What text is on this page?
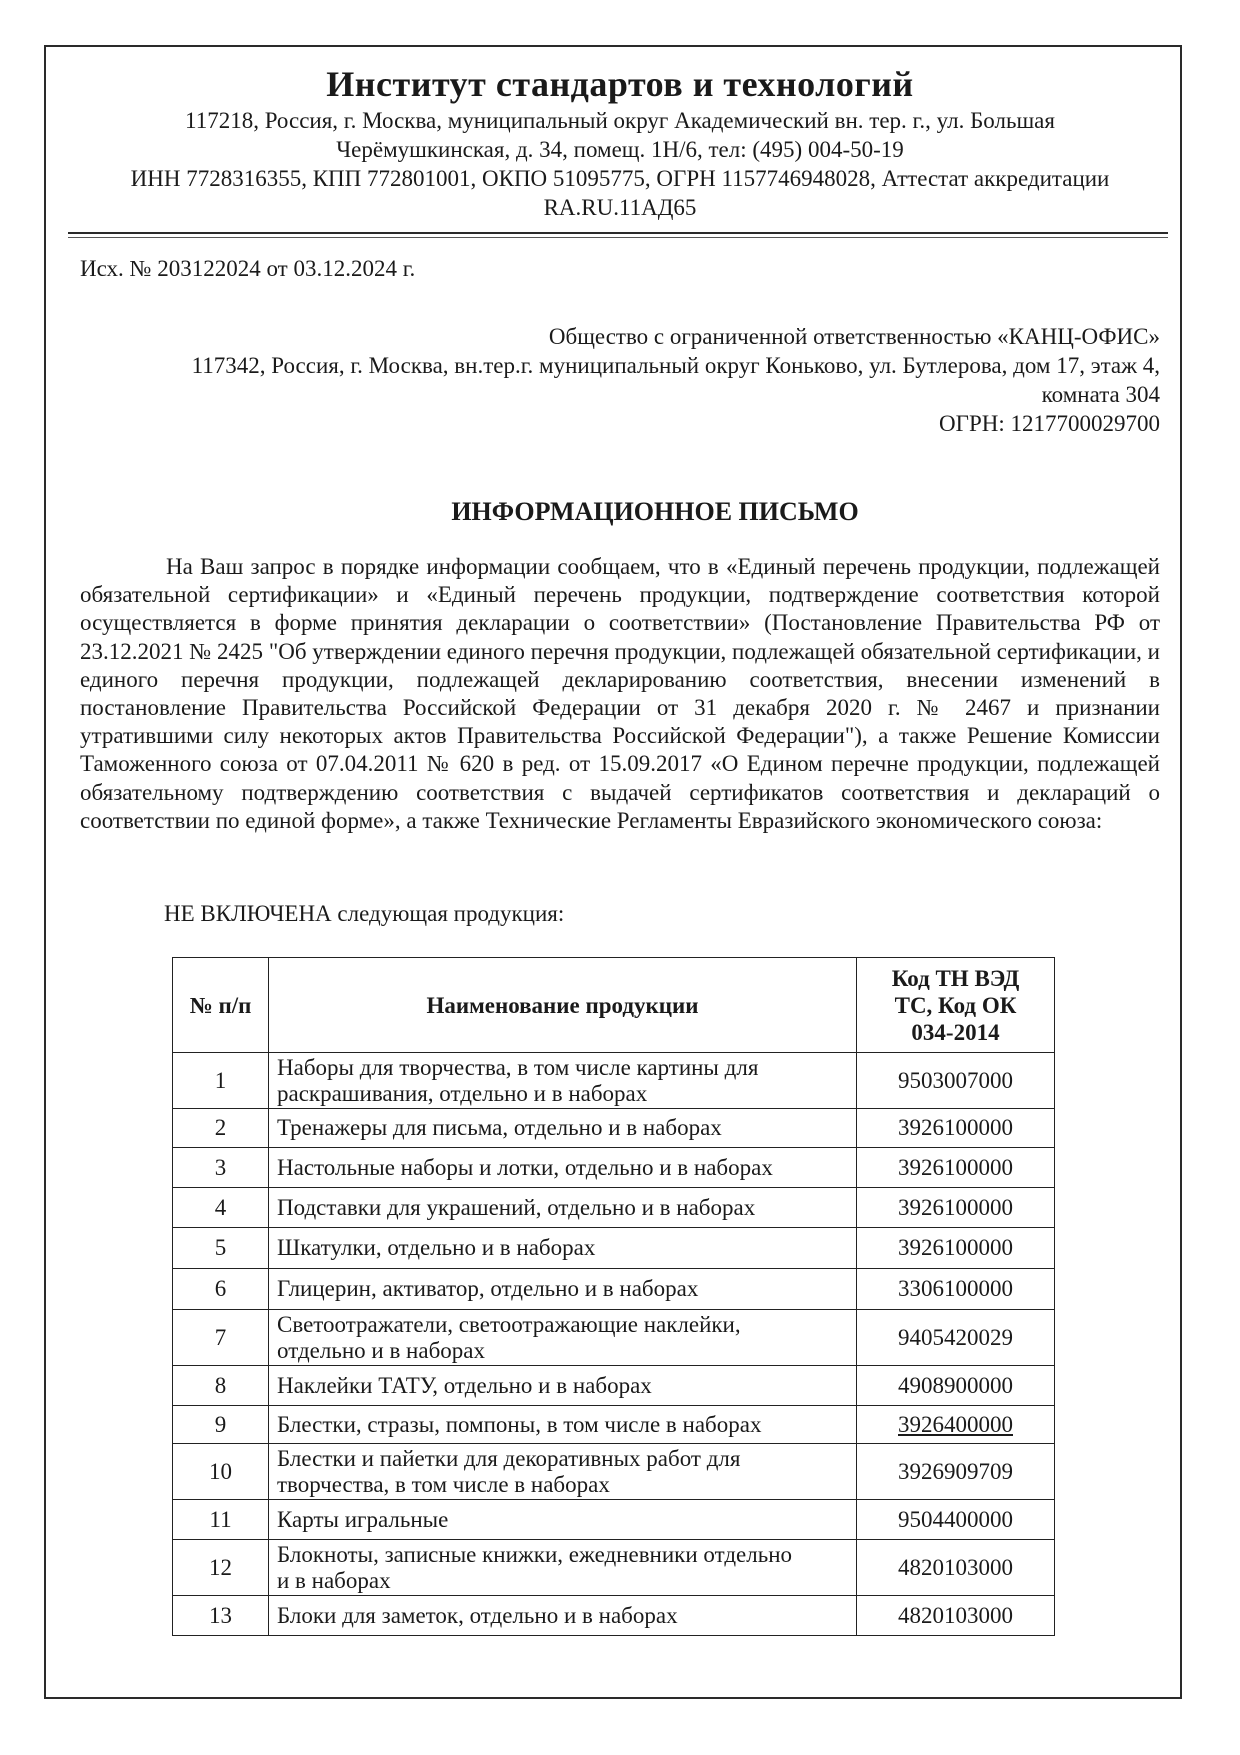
Институт стандартов и технологий
117218, Россия, г. Москва, муниципальный округ Академический вн. тер. г., ул. Большая
Черёмушкинская, д. 34, помещ. 1Н/6, тел: (495) 004-50-19
ИНН 7728316355, КПП 772801001, ОКПО 51095775, ОГРН 1157746948028, Аттестат аккредитации
RA.RU.11АД65
Исх. № 203122024 от 03.12.2024 г.
Общество с ограниченной ответственностью «КАНЦ-ОФИС»
117342, Россия, г. Москва, вн.тер.г. муниципальный округ Коньково, ул. Бутлерова, дом 17, этаж 4,
комната 304
ОГРН: 1217700029700
ИНФОРМАЦИОННОЕ ПИСЬМО
На Ваш запрос в порядке информации сообщаем, что в «Единый перечень продукции, подлежащей обязательной сертификации» и «Единый перечень продукции, подтверждение соответствия которой осуществляется в форме принятия декларации о соответствии» (Постановление Правительства РФ от 23.12.2021 № 2425 "Об утверждении единого перечня продукции, подлежащей обязательной сертификации, и единого перечня продукции, подлежащей декларированию соответствия, внесении изменений в постановление Правительства Российской Федерации от 31 декабря 2020 г. № 2467 и признании утратившими силу некоторых актов Правительства Российской Федерации"), а также Решение Комиссии Таможенного союза от 07.04.2011 № 620 в ред. от 15.09.2017 «О Едином перечне продукции, подлежащей обязательному подтверждению соответствия с выдачей сертификатов соответствия и деклараций о соответствии по единой форме», а также Технические Регламенты Евразийского экономического союза:
НЕ ВКЛЮЧЕНА следующая продукция:
№ п/п	Наименование продукции	Код ТН ВЭД
ТС, Код ОК
034-2014

1	Наборы для творчества, в том числе картины для
раскрашивания, отдельно и в наборах	9503007000
2	Тренажеры для письма, отдельно и в наборах	3926100000
3	Настольные наборы и лотки, отдельно и в наборах	3926100000
4	Подставки для украшений, отдельно и в наборах	3926100000
5	Шкатулки, отдельно и в наборах	3926100000
6	Глицерин, активатор, отдельно и в наборах	3306100000
7	Светоотражатели, светоотражающие наклейки,
отдельно и в наборах	9405420029
8	Наклейки ТАТУ, отдельно и в наборах	4908900000
9	Блестки, стразы, помпоны, в том числе в наборах	3926400000
10	Блестки и пайетки для декоративных работ для
творчества, в том числе в наборах	3926909709
11	Карты игральные	9504400000
12	Блокноты, записные книжки, ежедневники отдельно
и в наборах	4820103000
13	Блоки для заметок, отдельно и в наборах	4820103000
